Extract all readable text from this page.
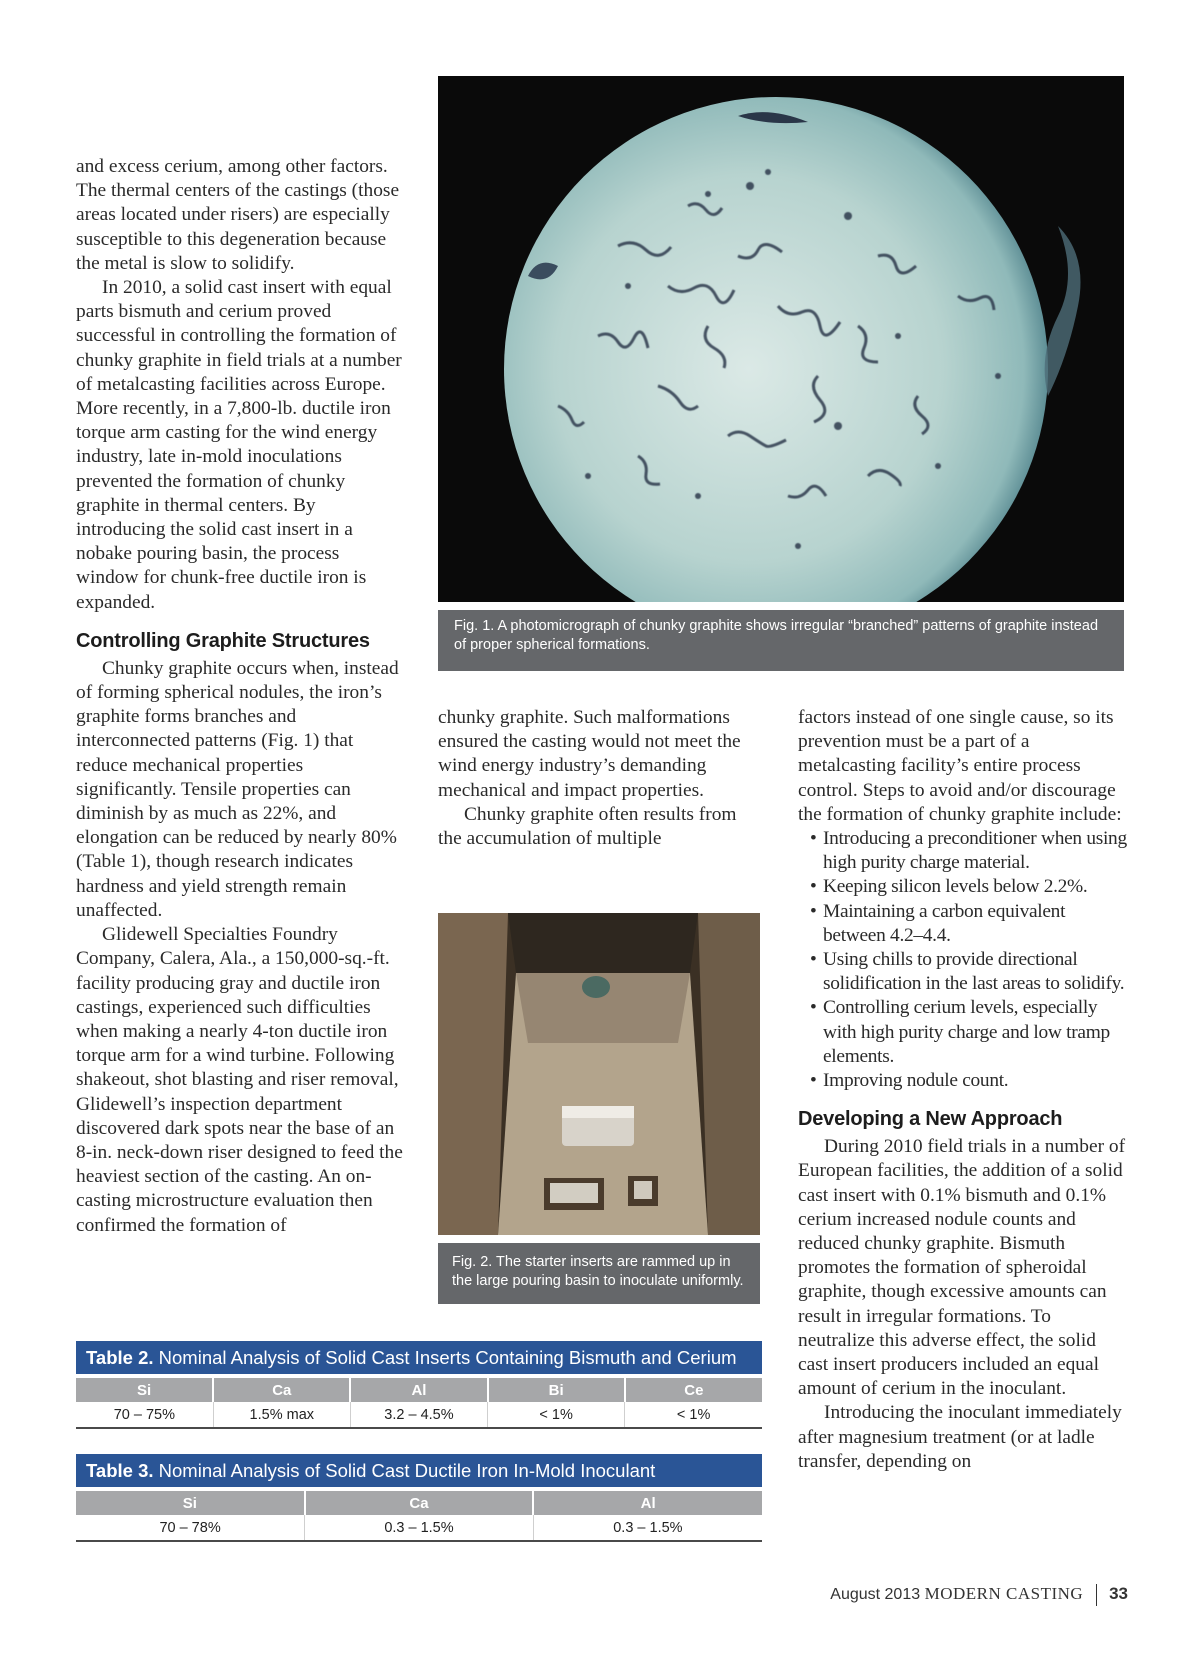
and excess cerium, among other factors. The thermal centers of the castings (those areas located under risers) are especially susceptible to this degeneration because the metal is slow to solidify.

In 2010, a solid cast insert with equal parts bismuth and cerium proved successful in controlling the formation of chunky graphite in field trials at a number of metalcasting facilities across Europe. More recently, in a 7,800-lb. ductile iron torque arm casting for the wind energy industry, late in-mold inoculations prevented the formation of chunky graphite in thermal centers. By introducing the solid cast insert in a nobake pouring basin, the process window for chunk-free ductile iron is expanded.

Controlling Graphite Structures

Chunky graphite occurs when, instead of forming spherical nodules, the iron’s graphite forms branches and interconnected patterns (Fig. 1) that reduce mechanical properties significantly. Tensile properties can diminish by as much as 22%, and elongation can be reduced by nearly 80% (Table 1), though research indicates hardness and yield strength remain unaffected.

Glidewell Specialties Foundry Company, Calera, Ala., a 150,000-sq.-ft. facility producing gray and ductile iron castings, experienced such difficulties when making a nearly 4-ton ductile iron torque arm for a wind turbine. Following shakeout, shot blasting and riser removal, Glidewell’s inspection department discovered dark spots near the base of an 8-in. neck-down riser designed to feed the heaviest section of the casting. An on-casting microstructure evaluation then confirmed the formation of

Fig. 1. A photomicrograph of chunky graphite shows irregular “branched” patterns of graphite instead of proper spherical formations.

chunky graphite. Such malformations ensured the casting would not meet the wind energy industry’s demanding mechanical and impact properties.

Chunky graphite often results from the accumulation of multiple

Fig. 2. The starter inserts are rammed up in the large pouring basin to inoculate uniformly.

factors instead of one single cause, so its prevention must be a part of a metalcasting facility’s entire process control. Steps to avoid and/or discourage the formation of chunky graphite include:

• Introducing a preconditioner when using high purity charge material.
• Keeping silicon levels below 2.2%.
• Maintaining a carbon equivalent between 4.2–4.4.
• Using chills to provide directional solidification in the last areas to solidify.
• Controlling cerium levels, especially with high purity charge and low tramp elements.
• Improving nodule count.
Developing a New Approach

During 2010 field trials in a number of European facilities, the addition of a solid cast insert with 0.1% bismuth and 0.1% cerium increased nodule counts and reduced chunky graphite. Bismuth promotes the formation of spheroidal graphite, though excessive amounts can result in irregular formations. To neutralize this adverse effect, the solid cast insert producers included an equal amount of cerium in the inoculant.

Introducing the inoculant immediately after magnesium treatment (or at ladle transfer, depending on

Table 2. Nominal Analysis of Solid Cast Inserts Containing Bismuth and Cerium
Si	Ca	Al	Bi	Ce
70 – 75%	1.5% max	3.2 – 4.5%	< 1%	< 1%
Table 3. Nominal Analysis of Solid Cast Ductile Iron In-Mold Inoculant
Si	Ca	Al
70 – 78%	0.3 – 1.5%	0.3 – 1.5%
August 2013 MODERN CASTING 33
